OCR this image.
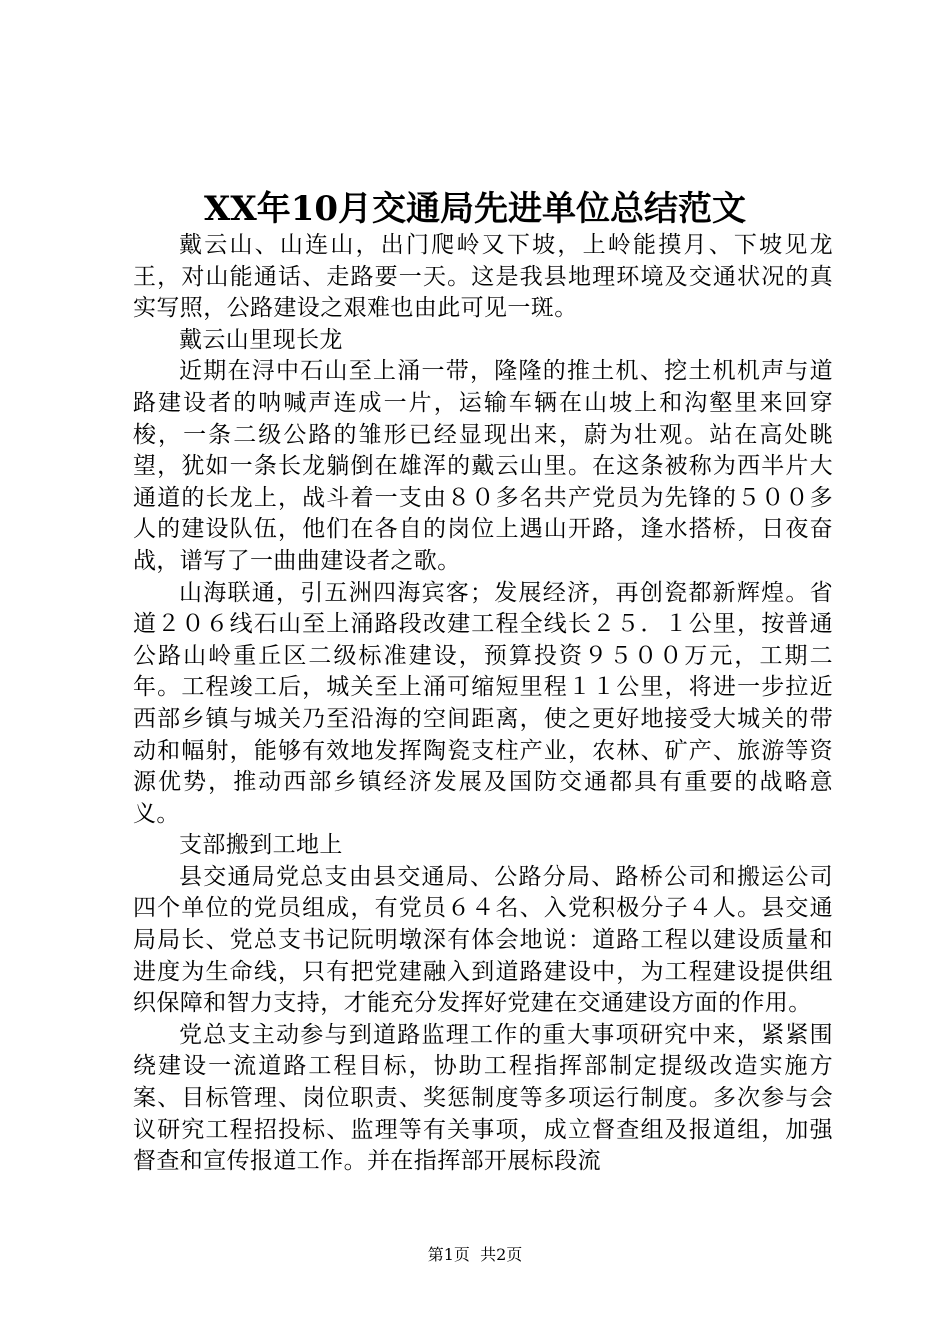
XX年10月交通局先进单位总结范文

戴云山、山连山，出门爬岭又下坡，上岭能摸月、下坡见龙王，对山能通话、走路要一天。这是我县地理环境及交通状况的真实写照，公路建设之艰难也由此可见一斑。

戴云山里现长龙

近期在浔中石山至上涌一带，隆隆的推土机、挖土机机声与道路建设者的呐喊声连成一片，运输车辆在山坡上和沟壑里来回穿梭，一条二级公路的雏形已经显现出来，蔚为壮观。站在高处眺望，犹如一条长龙躺倒在雄浑的戴云山里。在这条被称为西半片大通道的长龙上，战斗着一支由８０多名共产党员为先锋的５００多人的建设队伍，他们在各自的岗位上遇山开路，逢水搭桥，日夜奋战，谱写了一曲曲建设者之歌。

山海联通，引五洲四海宾客；发展经济，再创瓷都新辉煌。省道２０６线石山至上涌路段改建工程全线长２５．１公里，按普通公路山岭重丘区二级标准建设，预算投资９５００万元，工期二年。工程竣工后，城关至上涌可缩短里程１１公里，将进一步拉近西部乡镇与城关乃至沿海的空间距离，使之更好地接受大城关的带动和幅射，能够有效地发挥陶瓷支柱产业，农林、矿产、旅游等资源优势，推动西部乡镇经济发展及国防交通都具有重要的战略意义。

支部搬到工地上

县交通局党总支由县交通局、公路分局、路桥公司和搬运公司四个单位的党员组成，有党员６４名、入党积极分子４人。县交通局局长、党总支书记阮明墩深有体会地说：道路工程以建设质量和进度为生命线，只有把党建融入到道路建设中，为工程建设提供组织保障和智力支持，才能充分发挥好党建在交通建设方面的作用。

党总支主动参与到道路监理工作的重大事项研究中来，紧紧围绕建设一流道路工程目标，协助工程指挥部制定提级改造实施方案、目标管理、岗位职责、奖惩制度等多项运行制度。多次参与会议研究工程招投标、监理等有关事项，成立督查组及报道组，加强督查和宣传报道工作。并在指挥部开展标段流

第1页 共2页
